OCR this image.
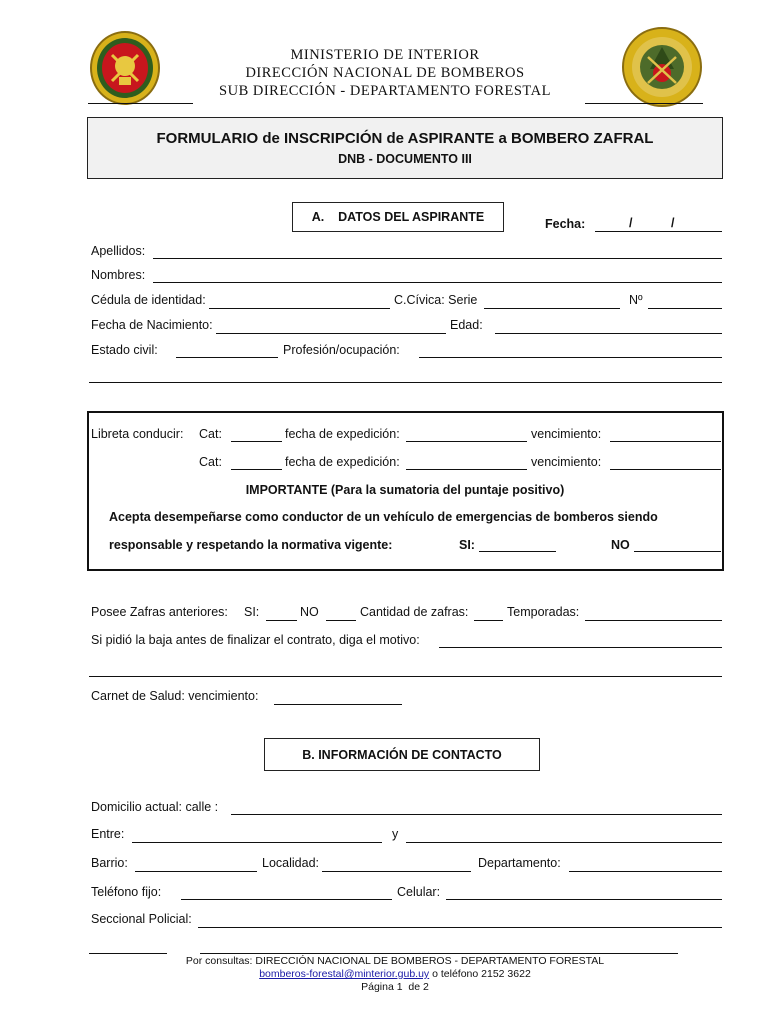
MINISTERIO DE INTERIOR
DIRECCIÓN NACIONAL DE BOMBEROS
SUB DIRECCIÓN - DEPARTAMENTO FORESTAL
FORMULARIO de INSCRIPCIÓN de ASPIRANTE a BOMBERO ZAFRAL
DNB - DOCUMENTO III
A.    DATOS DEL ASPIRANTE	Fecha:	/	/
Apellidos:
Nombres:
Cédula de identidad:	C.Cívica: Serie	Nº
Fecha de Nacimiento:	Edad:
Estado civil:	Profesión/ocupación:
Libreta conducir: Cat:	fecha de expedición:	vencimiento:
Cat:	fecha de expedición:	vencimiento:
IMPORTANTE (Para la sumatoria del puntaje positivo)
Acepta desempeñarse como conductor de un vehículo de emergencias de bomberos siendo
responsable y respetando la normativa vigente:	SI:	NO
Posee Zafras anteriores: SI:	NO	Cantidad de zafras:	Temporadas:
Si pidió la baja antes de finalizar el contrato, diga el motivo:
Carnet de Salud: vencimiento:
B. INFORMACIÓN DE CONTACTO
Domicilio actual: calle :
Entre:	y
Barrio:	Localidad:	Departamento:
Teléfono fijo:	Celular:
Seccional Policial:
Por consultas: DIRECCIÓN NACIONAL DE BOMBEROS - DEPARTAMENTO FORESTAL
bomberos-forestal@minterior.gub.uy o teléfono 2152 3622
Página 1  de 2
